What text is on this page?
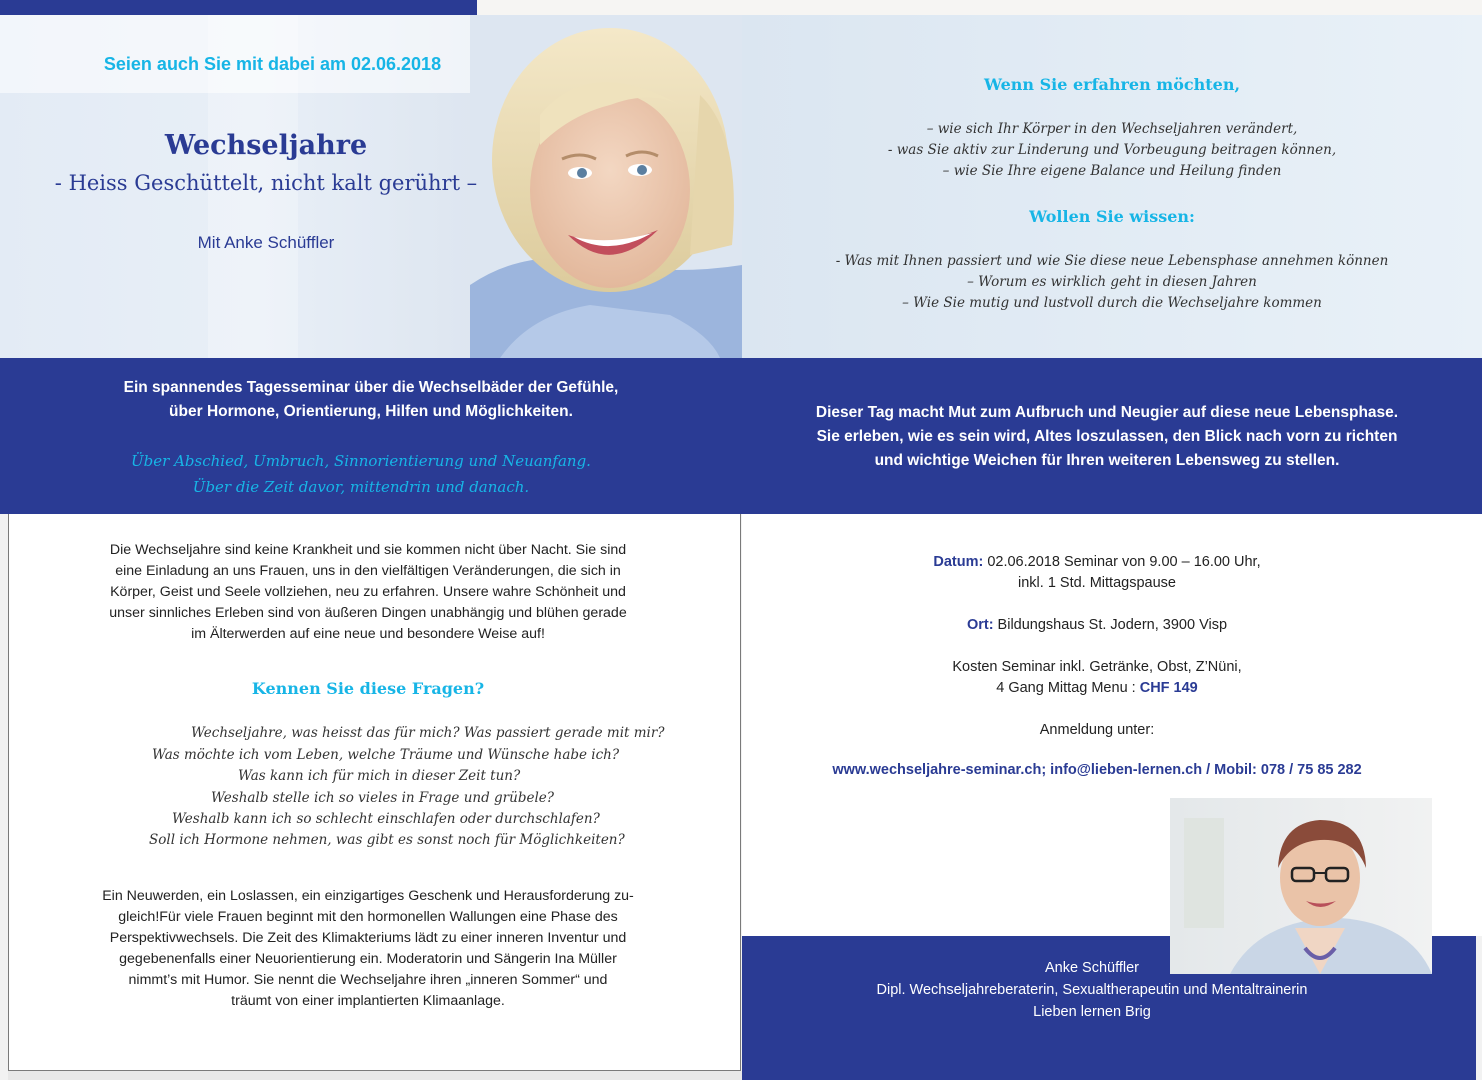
Seien auch Sie mit dabei am 02.06.2018
Wechseljahre
- Heiss Geschüttelt, nicht kalt gerührt –
Mit Anke Schüffler
Wenn Sie erfahren möchten,
– wie sich Ihr Körper in den Wechseljahren verändert,
- was Sie aktiv zur Linderung und Vorbeugung beitragen können,
– wie Sie Ihre eigene Balance und Heilung finden
Wollen Sie wissen:
- Was mit Ihnen passiert und wie Sie diese neue Lebensphase annehmen können
– Worum es wirklich geht in diesen Jahren
– Wie Sie mutig und lustvoll durch die Wechseljahre kommen
Ein spannendes Tagesseminar über die Wechselbäder der Gefühle,
über Hormone, Orientierung, Hilfen und Möglichkeiten.
Über Abschied, Umbruch, Sinnorientierung und Neuanfang.
Über die Zeit davor, mittendrin und danach.
Dieser Tag macht Mut zum Aufbruch und Neugier auf diese neue Lebensphase.
Sie erleben, wie es sein wird, Altes loszulassen, den Blick nach vorn zu richten
und wichtige Weichen für Ihren weiteren Lebensweg zu stellen.
Die Wechseljahre sind keine Krankheit und sie kommen nicht über Nacht. Sie sind
eine Einladung an uns Frauen, uns in den vielfältigen Veränderungen, die sich in
Körper, Geist und Seele vollziehen, neu zu erfahren. Unsere wahre Schönheit und
unser sinnliches Erleben sind von äußeren Dingen unabhängig und blühen gerade
im Älterwerden auf eine neue und besondere Weise auf!
Kennen Sie diese Fragen?
Wechseljahre, was heisst das für mich? Was passiert gerade mit mir?
Was möchte ich vom Leben, welche Träume und Wünsche habe ich?
Was kann ich für mich in dieser Zeit tun?
Weshalb stelle ich so vieles in Frage und grübele?
Weshalb kann ich so schlecht einschlafen oder durchschlafen?
Soll ich Hormone nehmen, was gibt es sonst noch für Möglichkeiten?
Ein Neuwerden, ein Loslassen, ein einzigartiges Geschenk und Herausforderung zu-
gleich!Für viele Frauen beginnt mit den hormonellen Wallungen eine Phase des
Perspektivwechsels. Die Zeit des Klimakteriums lädt zu einer inneren Inventur und
gegebenenfalls einer Neuorientierung ein. Moderatorin und Sängerin Ina Müller
nimmt’s mit Humor. Sie nennt die Wechseljahre ihren „inneren Sommer“ und
träumt von einer implantierten Klimaanlage.
Datum: 02.06.2018 Seminar von 9.00 – 16.00 Uhr,
inkl. 1 Std. Mittagspause
Ort: Bildungshaus St. Jodern, 3900 Visp
Kosten Seminar inkl. Getränke, Obst, Z’Nüni,
4 Gang Mittag Menu : CHF 149
Anmeldung unter:
www.wechseljahre-seminar.ch; info@lieben-lernen.ch / Mobil: 078 / 75 85 282
Anke Schüffler
Dipl. Wechseljahreberaterin, Sexualtherapeutin und Mentaltrainerin
Lieben lernen Brig
